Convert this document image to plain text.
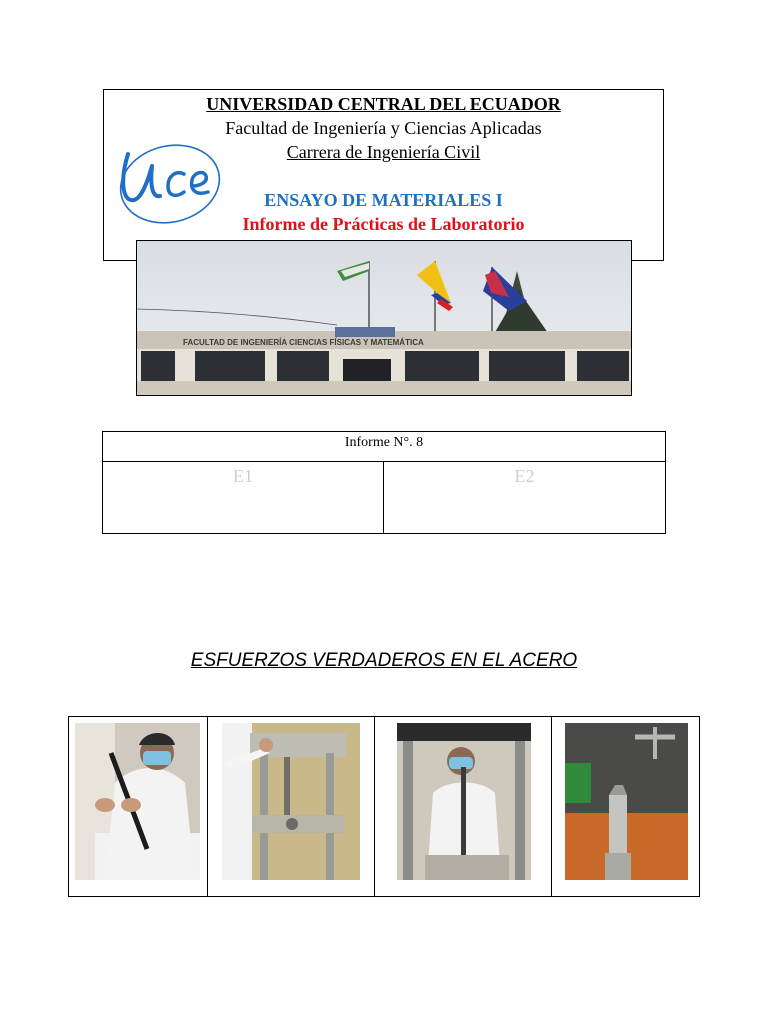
UNIVERSIDAD CENTRAL DEL ECUADOR
Facultad de Ingeniería y Ciencias Aplicadas
Carrera de Ingeniería Civil
ENSAYO DE MATERIALES I
Informe de Prácticas de Laboratorio
FACULTAD DE INGENIERÍA CIENCIAS FÍSICAS Y MATEMÁTICA
Informe N°. 8
E1	E2
ESFUERZOS VERDADEROS EN EL ACERO
